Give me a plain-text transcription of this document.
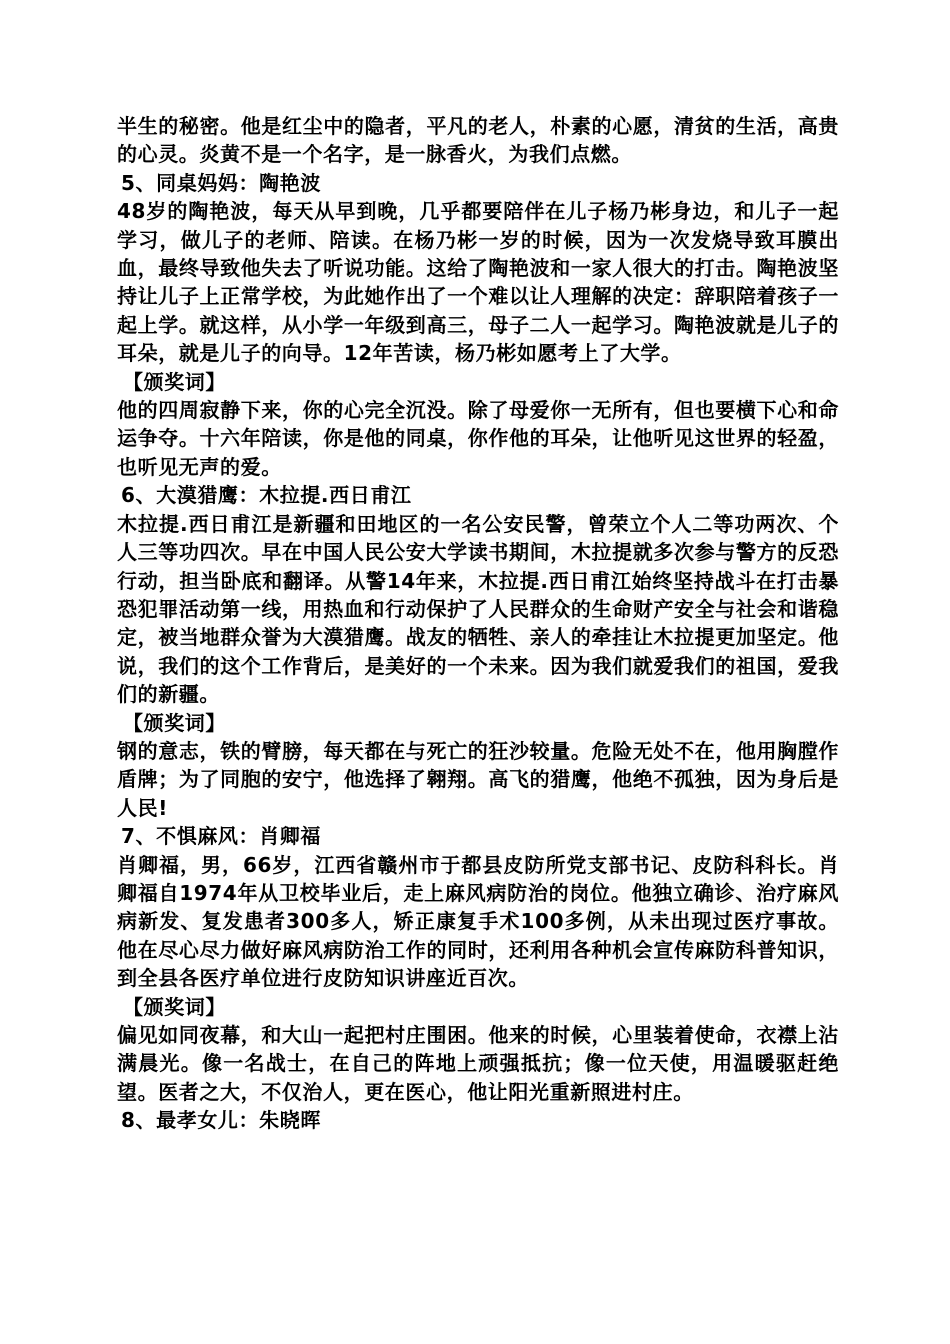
半生的秘密。他是红尘中的隐者，平凡的老人，朴素的心愿，清贫的生活，高贵的心灵。炎黄不是一个名字，是一脉香火，为我们点燃。

5、同桌妈妈：陶艳波

48岁的陶艳波，每天从早到晚，几乎都要陪伴在儿子杨乃彬身边，和儿子一起学习，做儿子的老师、陪读。在杨乃彬一岁的时候，因为一次发烧导致耳膜出血，最终导致他失去了听说功能。这给了陶艳波和一家人很大的打击。陶艳波坚持让儿子上正常学校，为此她作出了一个难以让人理解的决定：辞职陪着孩子一起上学。就这样，从小学一年级到高三，母子二人一起学习。陶艳波就是儿子的耳朵，就是儿子的向导。12年苦读，杨乃彬如愿考上了大学。

【颁奖词】

他的四周寂静下来，你的心完全沉没。除了母爱你一无所有，但也要横下心和命运争夺。十六年陪读，你是他的同桌，你作他的耳朵，让他听见这世界的轻盈，也听见无声的爱。

6、大漠猎鹰：木拉提.西日甫江

木拉提.西日甫江是新疆和田地区的一名公安民警，曾荣立个人二等功两次、个人三等功四次。早在中国人民公安大学读书期间，木拉提就多次参与警方的反恐行动，担当卧底和翻译。从警14年来，木拉提.西日甫江始终坚持战斗在打击暴恐犯罪活动第一线，用热血和行动保护了人民群众的生命财产安全与社会和谐稳定，被当地群众誉为大漠猎鹰。战友的牺牲、亲人的牵挂让木拉提更加坚定。他说，我们的这个工作背后，是美好的一个未来。因为我们就爱我们的祖国，爱我们的新疆。

【颁奖词】

钢的意志，铁的臂膀，每天都在与死亡的狂沙较量。危险无处不在，他用胸膛作盾牌；为了同胞的安宁，他选择了翱翔。高飞的猎鹰，他绝不孤独，因为身后是人民!

7、不惧麻风：肖卿福

肖卿福，男，66岁，江西省赣州市于都县皮防所党支部书记、皮防科科长。肖卿福自1974年从卫校毕业后，走上麻风病防治的岗位。他独立确诊、治疗麻风病新发、复发患者300多人，矫正康复手术100多例，从未出现过医疗事故。他在尽心尽力做好麻风病防治工作的同时，还利用各种机会宣传麻防科普知识，到全县各医疗单位进行皮防知识讲座近百次。

【颁奖词】

偏见如同夜幕，和大山一起把村庄围困。他来的时候，心里装着使命，衣襟上沾满晨光。像一名战士，在自己的阵地上顽强抵抗；像一位天使，用温暖驱赶绝望。医者之大，不仅治人，更在医心，他让阳光重新照进村庄。

8、最孝女儿：朱晓晖
